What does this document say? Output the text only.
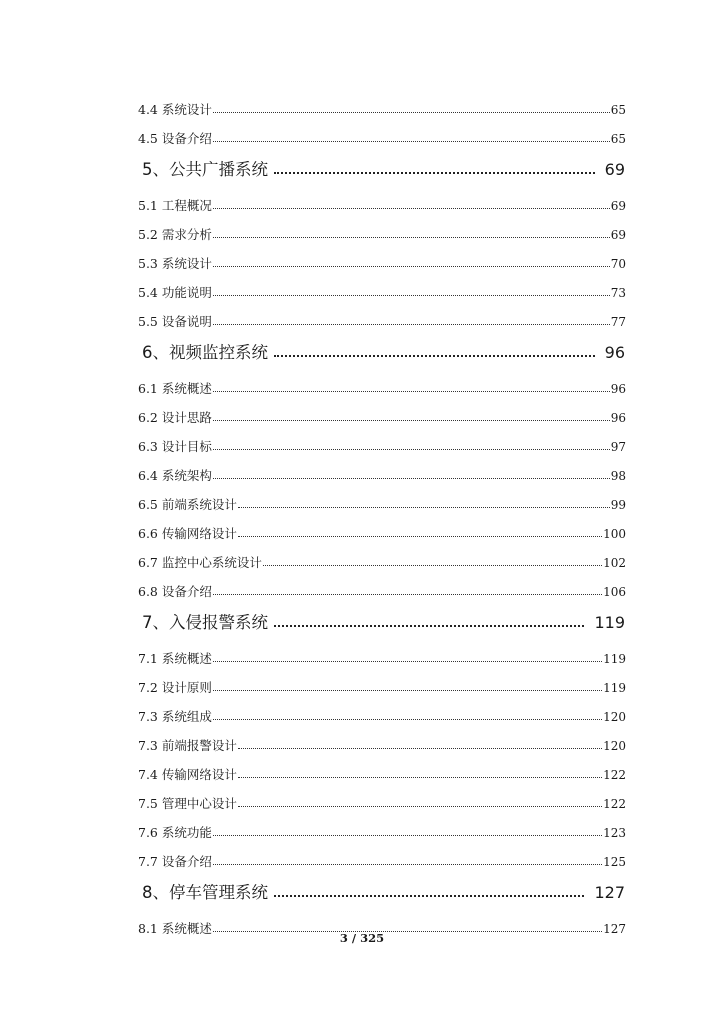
4.4 系统设计	65
4.5 设备介绍	65
5、公共广播系统	69
5.1 工程概况	69
5.2 需求分析	69
5.3 系统设计	70
5.4 功能说明	73
5.5 设备说明	77
6、视频监控系统	96
6.1 系统概述	96
6.2 设计思路	96
6.3 设计目标	97
6.4 系统架构	98
6.5 前端系统设计	99
6.6 传输网络设计	100
6.7 监控中心系统设计	102
6.8 设备介绍	106
7、入侵报警系统	119
7.1 系统概述	119
7.2 设计原则	119
7.3 系统组成	120
7.3 前端报警设计	120
7.4 传输网络设计	122
7.5 管理中心设计	122
7.6 系统功能	123
7.7 设备介绍	125
8、停车管理系统	127
8.1 系统概述	127
3 / 325
